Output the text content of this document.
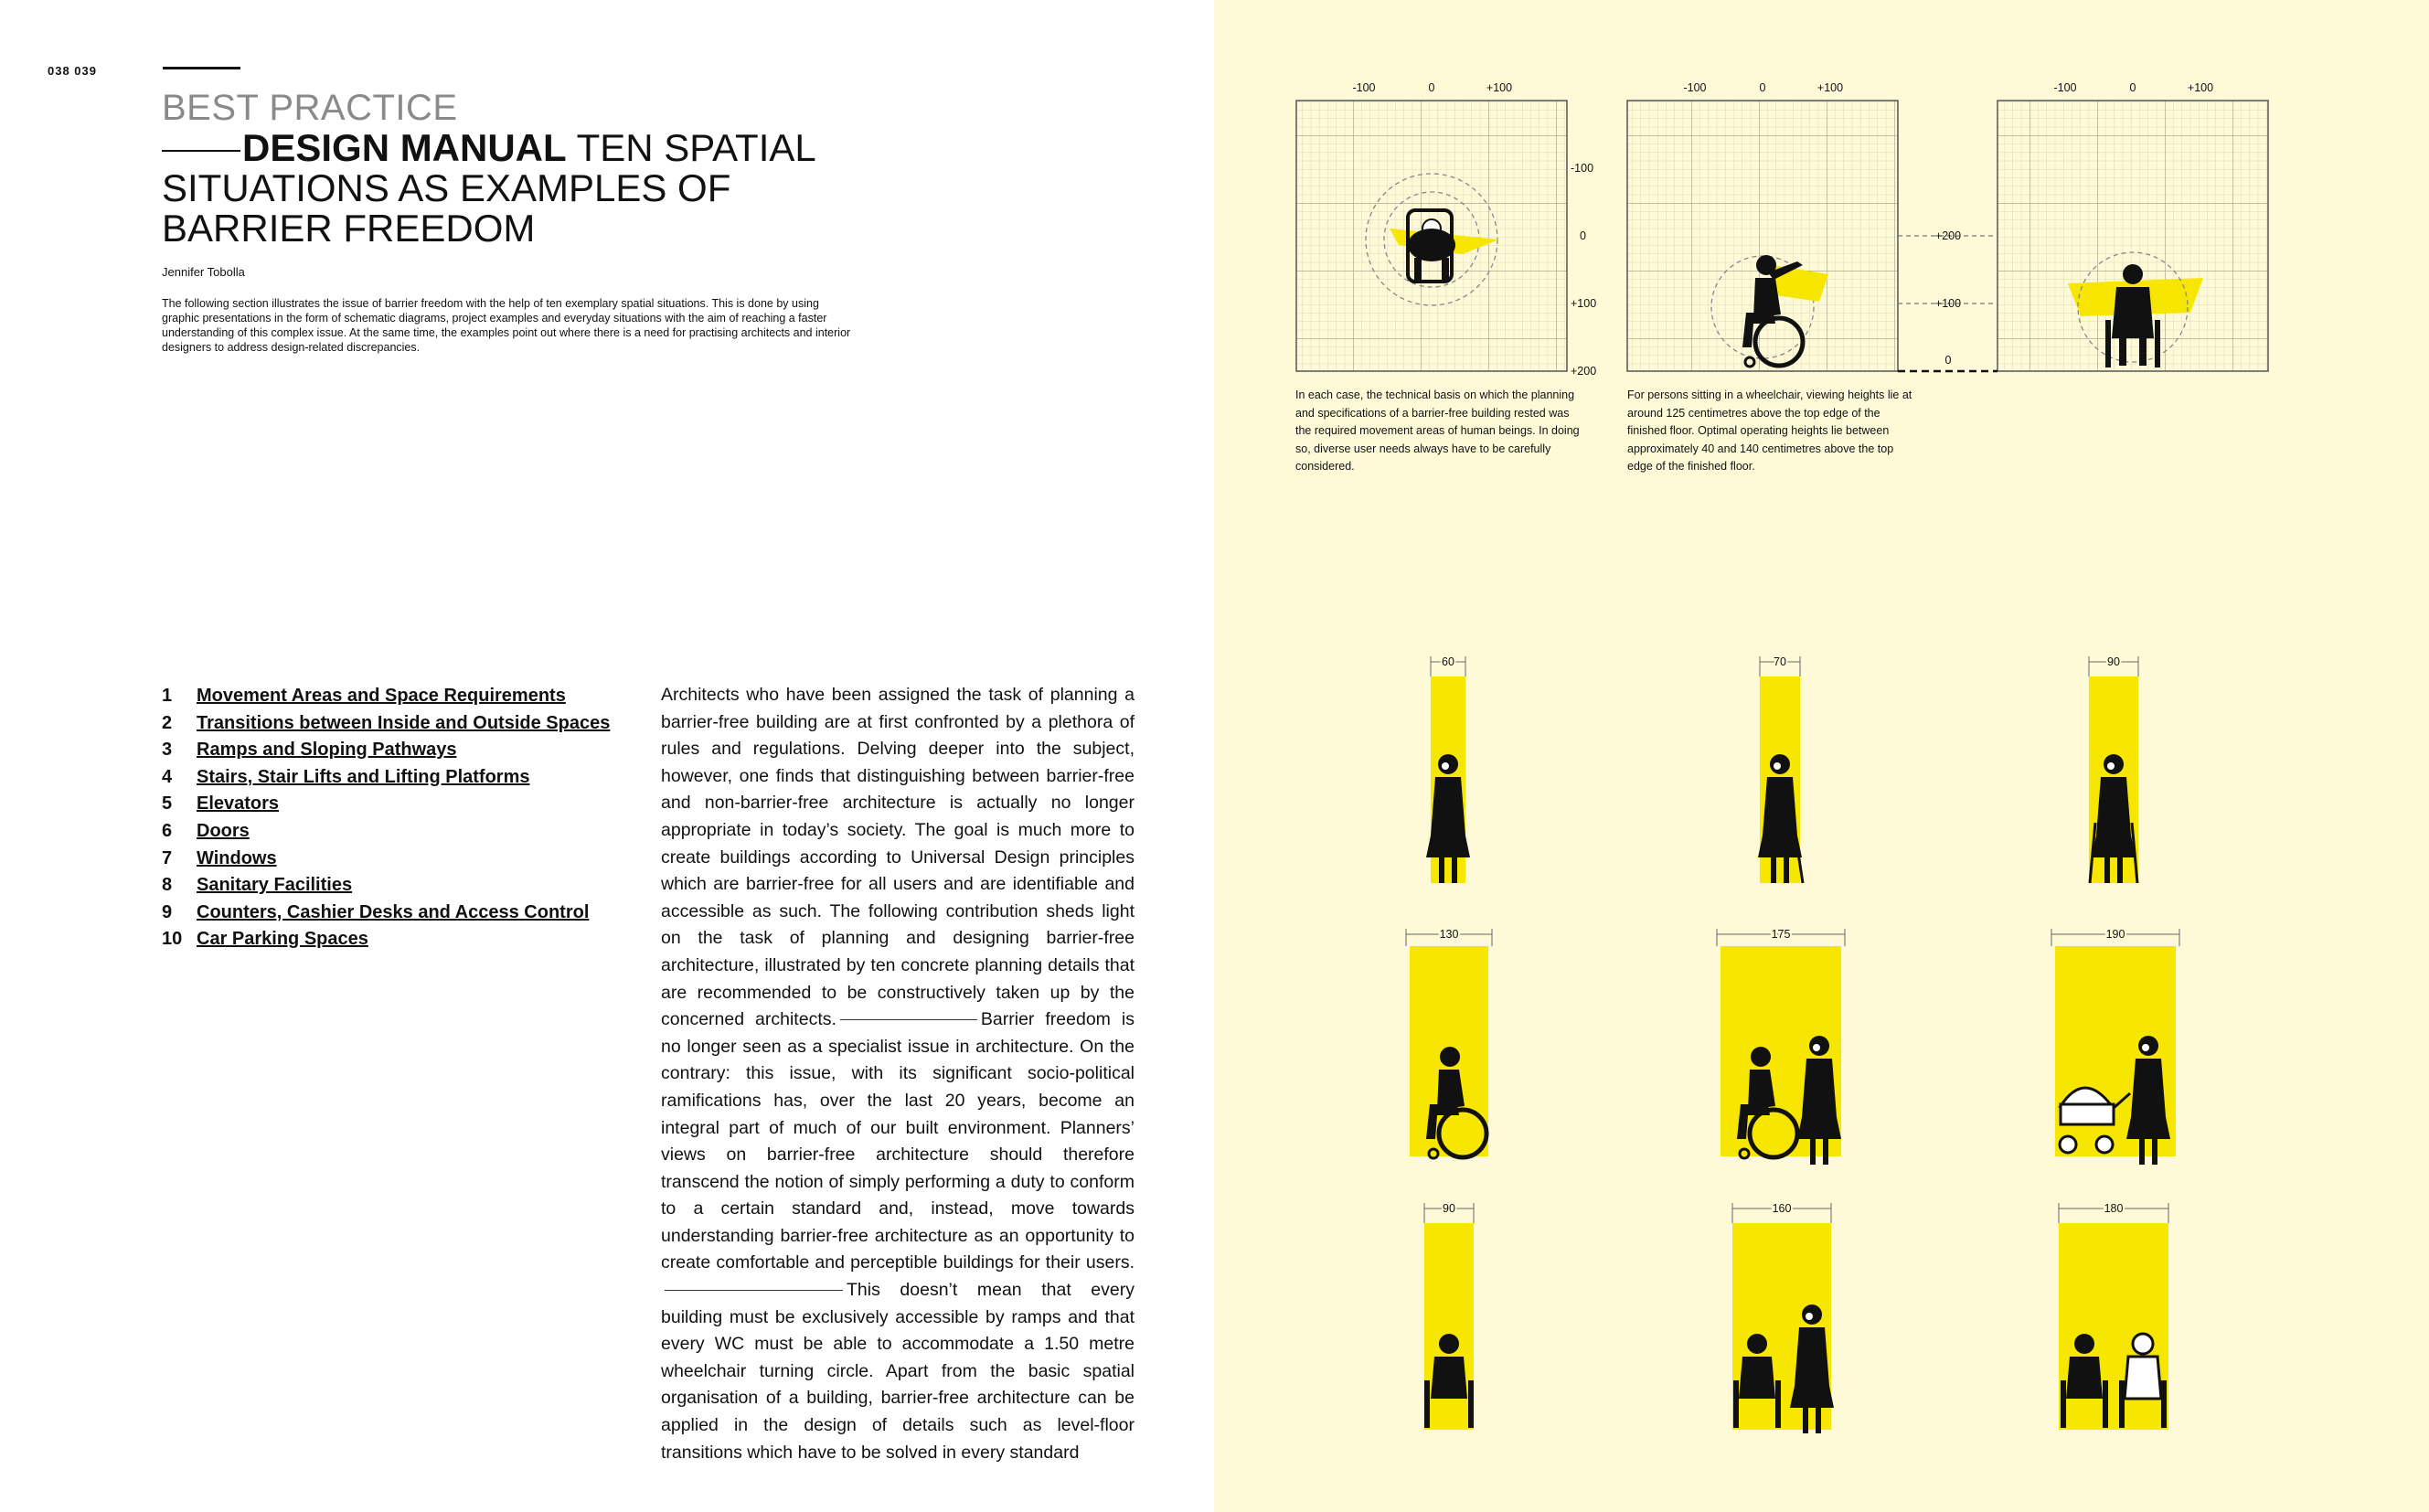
038 039
BEST PRACTICE
DESIGN MANUAL TEN SPATIAL SITUATIONS AS EXAMPLES OF BARRIER FREEDOM
Jennifer Tobolla
The following section illustrates the issue of barrier freedom with the help of ten exemplary spatial situations. This is done by using graphic presentations in the form of schematic diagrams, project examples and everyday situations with the aim of reaching a faster understanding of this complex issue. At the same time, the examples point out where there is a need for practising architects and interior designers to address design-related discrepancies.
1 Movement Areas and Space Requirements
2 Transitions between Inside and Outside Spaces
3 Ramps and Sloping Pathways
4 Stairs, Stair Lifts and Lifting Platforms
5 Elevators
6 Doors
7 Windows
8 Sanitary Facilities
9 Counters, Cashier Desks and Access Control
10 Car Parking Spaces
Architects who have been assigned the task of planning a barrier-free building are at first confronted by a plethora of rules and regulations. Delving deeper into the subject, however, one finds that distinguishing between barrier-free and non-barrier-free architecture is actually no longer appropriate in today’s society. The goal is much more to create buildings according to Universal Design principles which are barrier-free for all users and are identifiable and accessible as such. The following contribution sheds light on the task of planning and designing barrier-free architecture, illustrated by ten concrete planning details that are recommended to be constructively taken up by the concerned architects.	Barrier freedom is no longer seen as a specialist issue in architecture. On the contrary: this issue, with its significant socio-political ramifications has, over the last 20 years, become an integral part of much of our built environment. Planners’ views on barrier-free architecture should therefore transcend the notion of simply performing a duty to conform to a certain standard and, instead, move towards understanding barrier-free architecture as an opportunity to create comfortable and perceptible buildings for their users.This doesn’t mean that every building must be exclusively accessible by ramps and that every WC must be able to accommodate a 1.50 metre wheelchair turning circle. Apart from the basic spatial organisation of a building, barrier-free architecture can be applied in the design of details such as level-floor transitions which have to be solved in every standard
-100	0	+100	-100	0	+100	-100	0	+100
-100
0
+100
+200
+200
+100
0
60	70	90
130	175	190
90	160	180
In each case, the technical basis on which the planning and specifications of a barrier-free building rested was the required movement areas of human beings. In doing so, diverse user needs always have to be carefully considered.
For persons sitting in a wheelchair, viewing heights lie at around 125 centimetres above the top edge of the finished floor. Optimal operating heights lie between approximately 40 and 140 centimetres above the top edge of the finished floor.
